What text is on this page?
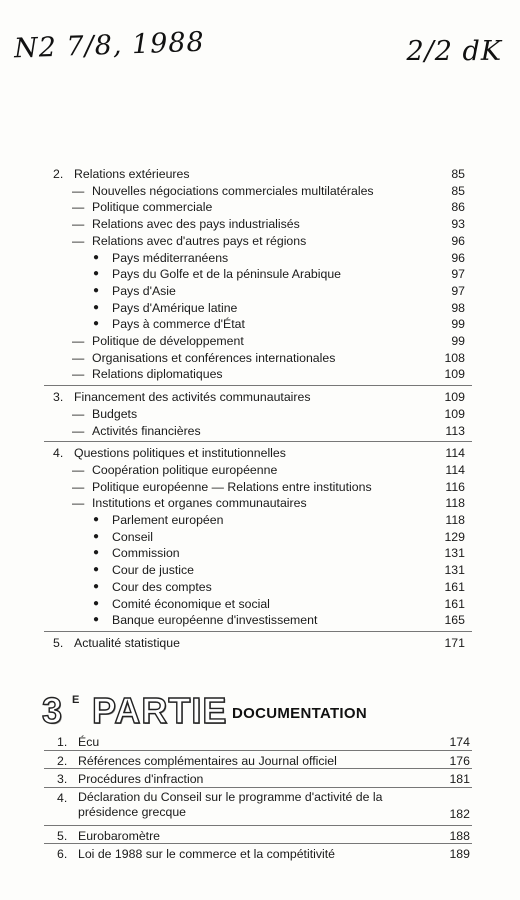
N2 7/8, 1988	2/2 dK
2. Relations extérieures	85
— Nouvelles négociations commerciales multilatérales	85
— Politique commerciale	86
— Relations avec des pays industrialisés	93
— Relations avec d'autres pays et régions	96
● Pays méditerranéens	96
● Pays du Golfe et de la péninsule Arabique	97
● Pays d'Asie	97
● Pays d'Amérique latine	98
● Pays à commerce d'État	99
— Politique de développement	99
— Organisations et conférences internationales	108
— Relations diplomatiques	109
3. Financement des activités communautaires	109
— Budgets	109
— Activités financières	113
4. Questions politiques et institutionnelles	114
— Coopération politique européenne	114
— Politique européenne — Relations entre institutions	116
— Institutions et organes communautaires	118
● Parlement européen	118
● Conseil	129
● Commission	131
● Cour de justice	131
● Cour des comptes	161
● Comité économique et social	161
● Banque européenne d'investissement	165
5. Actualité statistique	171
3 E PARTIE DOCUMENTATION
1. Écu	174
2. Références complémentaires au Journal officiel	176
3. Procédures d'infraction	181
4. Déclaration du Conseil sur le programme d'activité de la présidence grecque	182
5. Eurobaromètre	188
6. Loi de 1988 sur le commerce et la compétitivité	189
